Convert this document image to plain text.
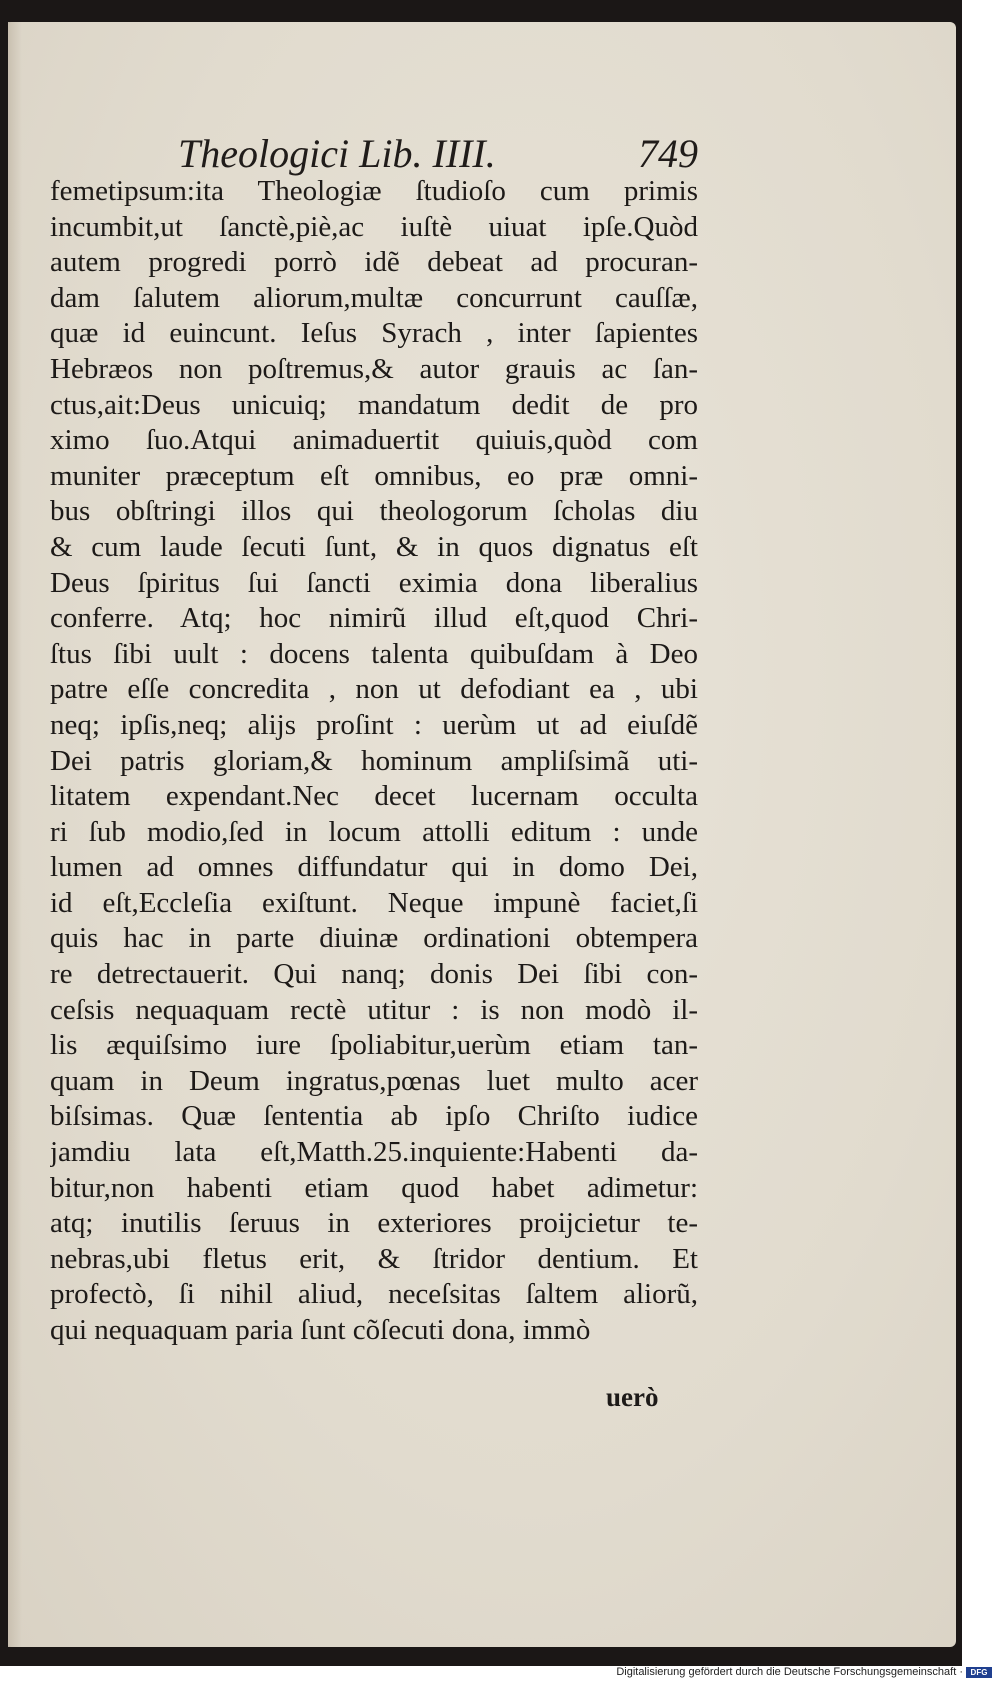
Theologici Lib. IIII.	749
femetipsum:ita Theologiæ ſtudioſo cum primis
incumbit,ut ſanctè,piè,ac iuſtè uiuat ipſe.Quòd
autem progredi porrò idẽ debeat ad procuran-
dam ſalutem aliorum,multæ concurrunt cauſſæ,
quæ id euincunt. Ieſus Syrach , inter ſapientes
Hebræos non poſtremus,& autor grauis ac ſan-
ctus,ait:Deus unicuiq; mandatum dedit de pro
ximo ſuo.Atqui animaduertit quiuis,quòd com
muniter præceptum eſt omnibus, eo præ omni-
bus obſtringi illos qui theologorum ſcholas diu
& cum laude ſecuti ſunt, & in quos dignatus eſt
Deus ſpiritus ſui ſancti eximia dona liberalius
conferre. Atq; hoc nimirũ illud eſt,quod Chri-
ſtus ſibi uult : docens talenta quibuſdam à Deo
patre eſſe concredita , non ut defodiant ea , ubi
neq; ipſis,neq; alijs proſint : uerùm ut ad eiuſdẽ
Dei patris gloriam,& hominum ampliſsimã uti-
litatem expendant.Nec decet lucernam occulta
ri ſub modio,ſed in locum attolli editum : unde
lumen ad omnes diffundatur qui in domo Dei,
id eſt,Eccleſia exiſtunt. Neque impunè faciet,ſi
quis hac in parte diuinæ ordinationi obtempera
re detrectauerit. Qui nanq; donis Dei ſibi con-
ceſsis nequaquam rectè utitur : is non modò il-
lis æquiſsimo iure ſpoliabitur,uerùm etiam tan-
quam in Deum ingratus,pœnas luet multo acer
biſsimas. Quæ ſententia ab ipſo Chriſto iudice
jamdiu lata eſt,Matth.25.inquiente:Habenti da-
bitur,non habenti etiam quod habet adimetur:
atq; inutilis ſeruus in exteriores proijcietur te-
nebras,ubi fletus erit, & ſtridor dentium. Et
profectò, ſi nihil aliud, neceſsitas ſaltem aliorũ,
qui nequaquam paria ſunt cõſecuti dona, immò
uerò
Digitalisierung gefördert durch die Deutsche Forschungsgemeinschaft · DFG
